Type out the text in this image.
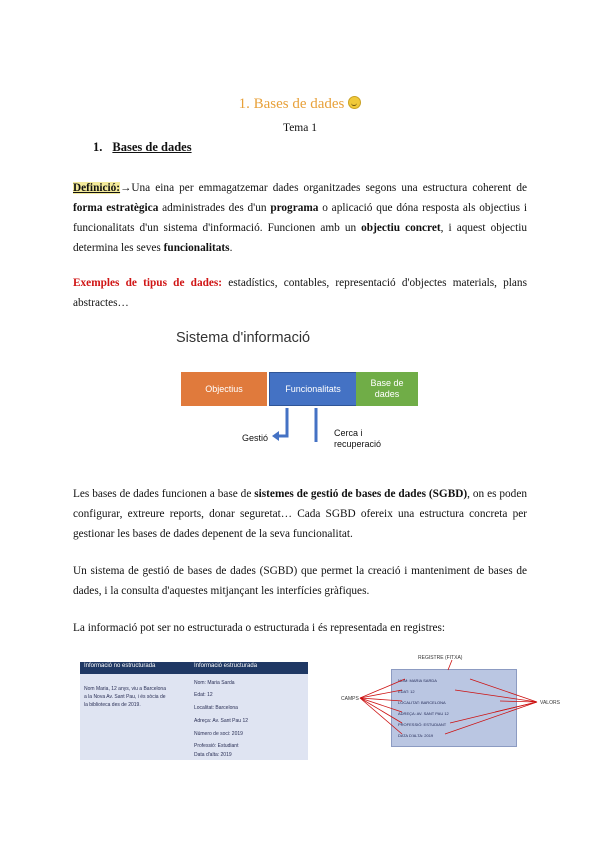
1. Bases de dades
Tema 1
1. Bases de dades
Definició:→Una eina per emmagatzemar dades organitzades segons una estructura coherent de forma estratègica administrades des d'un programa o aplicació que dóna resposta als objectius i funcionalitats d'un sistema d'informació. Funcionen amb un objectiu concret, i aquest objectiu determina les seves funcionalitats.
Exemples de tipus de dades: estadístics, contables, representació d'objectes materials, plans abstractes…
Sistema d'informació
Objectius	Funcionalitats
Base de dades
Gestió	Cerca i recuperació
Les bases de dades funcionen a base de sistemes de gestió de bases de dades (SGBD), on es poden configurar, extreure reports, donar seguretat… Cada SGBD ofereix una estructura concreta per gestionar les bases de dades depenent de la seva funcionalitat.
Un sistema de gestió de bases de dades (SGBD) que permet la creació i manteniment de bases de dades, i la consulta d'aquestes mitjançant les interfícies gràfiques.
La informació pot ser no estructurada o estructurada i és representada en registres:
Informació no estructurada	Informació estructurada
Nom Maria, 12 anys, viu a Barcelona
a la Nova Av. Sant Pau, i és sòcia de
la biblioteca des de 2019.
Nom: Maria Sarda
Edat: 12
Localitat: Barcelona
Adreça: Av. Sant Pau 12
Número de soci: 2019
Professió: Estudiant
Data d'alta: 2019
REGISTRE (FITXA)
CAMPS
VALORS
NOM: MARIA SARDA
EDAT: 12
LOCALITAT: BARCELONA
ADREÇA: AV. SANT PAU 12
PROFESSIÓ: ESTUDIANT
DATA D'ALTA: 2019
